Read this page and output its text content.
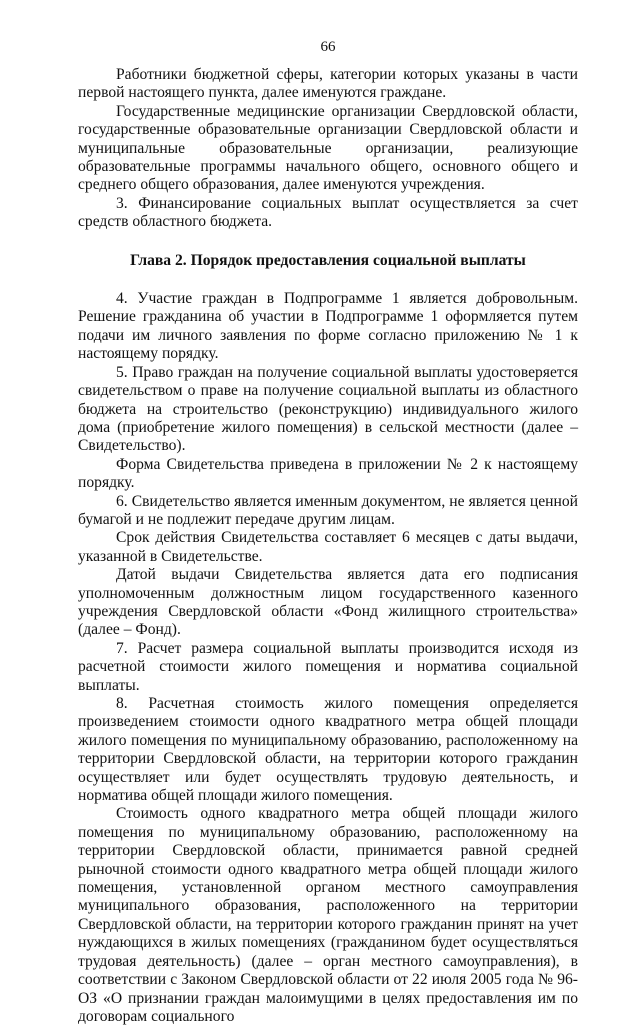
66

Работники бюджетной сферы, категории которых указаны в части первой настоящего пункта, далее именуются граждане.

Государственные медицинские организации Свердловской области, государственные образовательные организации Свердловской области и муниципальные образовательные организации, реализующие образовательные программы начального общего, основного общего и среднего общего образования, далее именуются учреждения.

3. Финансирование социальных выплат осуществляется за счет средств областного бюджета.

Глава 2. Порядок предоставления социальной выплаты

4. Участие граждан в Подпрограмме 1 является добровольным. Решение гражданина об участии в Подпрограмме 1 оформляется путем подачи им личного заявления по форме согласно приложению № 1 к настоящему порядку.

5. Право граждан на получение социальной выплаты удостоверяется свидетельством о праве на получение социальной выплаты из областного бюджета на строительство (реконструкцию) индивидуального жилого дома (приобретение жилого помещения) в сельской местности (далее – Свидетельство).

Форма Свидетельства приведена в приложении № 2 к настоящему порядку.

6. Свидетельство является именным документом, не является ценной бумагой и не подлежит передаче другим лицам.

Срок действия Свидетельства составляет 6 месяцев с даты выдачи, указанной в Свидетельстве.

Датой выдачи Свидетельства является дата его подписания уполномоченным должностным лицом государственного казенного учреждения Свердловской области «Фонд жилищного строительства» (далее – Фонд).

7. Расчет размера социальной выплаты производится исходя из расчетной стоимости жилого помещения и норматива социальной выплаты.

8. Расчетная стоимость жилого помещения определяется произведением стоимости одного квадратного метра общей площади жилого помещения по муниципальному образованию, расположенному на территории Свердловской области, на территории которого гражданин осуществляет или будет осуществлять трудовую деятельность, и норматива общей площади жилого помещения.

Стоимость одного квадратного метра общей площади жилого помещения по муниципальному образованию, расположенному на территории Свердловской области, принимается равной средней рыночной стоимости одного квадратного метра общей площади жилого помещения, установленной органом местного самоуправления муниципального образования, расположенного на территории Свердловской области, на территории которого гражданин принят на учет нуждающихся в жилых помещениях (гражданином будет осуществляться трудовая деятельность) (далее – орган местного самоуправления), в соответствии с Законом Свердловской области от 22 июля 2005 года № 96-ОЗ «О признании граждан малоимущими в целях предоставления им по договорам социального
